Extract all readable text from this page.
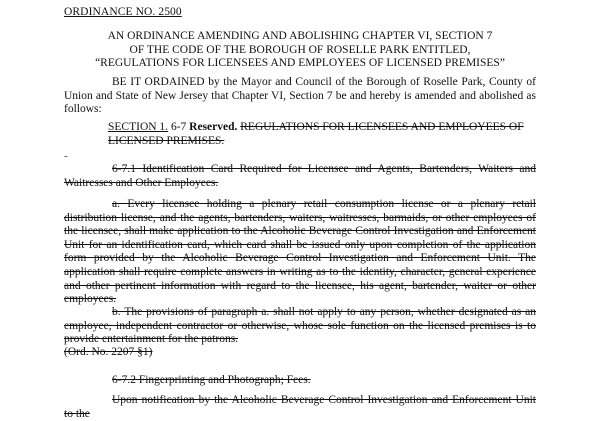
ORDINANCE NO. 2500
AN ORDINANCE AMENDING AND ABOLISHING CHAPTER VI, SECTION 7
OF THE CODE OF THE BOROUGH OF ROSELLE PARK ENTITLED,
“REGULATIONS FOR LICENSEES AND EMPLOYEES OF LICENSED PREMISES”
BE IT ORDAINED by the Mayor and Council of the Borough of Roselle Park, County of Union and State of New Jersey that Chapter VI, Section 7 be and hereby is amended and abolished as follows:
SECTION 1. 6-7 Reserved. REGULATIONS FOR LICENSEES AND EMPLOYEES OF LICENSED PREMISES.
-
6-7.1 Identification Card Required for Licensee and Agents, Bartenders, Waiters and Waitresses and Other Employees.
a. Every licensee holding a plenary retail consumption license or a plenary retail distribution license, and the agents, bartenders, waiters, waitresses, barmaids, or other employees of the licensee, shall make application to the Alcoholic Beverage Control Investigation and Enforcement Unit for an identification card, which card shall be issued only upon completion of the application form provided by the Alcoholic Beverage Control Investigation and Enforcement Unit. The application shall require complete answers in writing as to the identity, character, general experience and other pertinent information with regard to the licensee, his agent, bartender, waiter or other employees.
b. The provisions of paragraph a. shall not apply to any person, whether designated as an employee, independent contractor or otherwise, whose sole function on the licensed premises is to provide entertainment for the patrons.
(Ord. No. 2207 §1)
6-7.2 Fingerprinting and Photograph; Fees.
Upon notification by the Alcoholic Beverage Control Investigation and Enforcement Unit to the
